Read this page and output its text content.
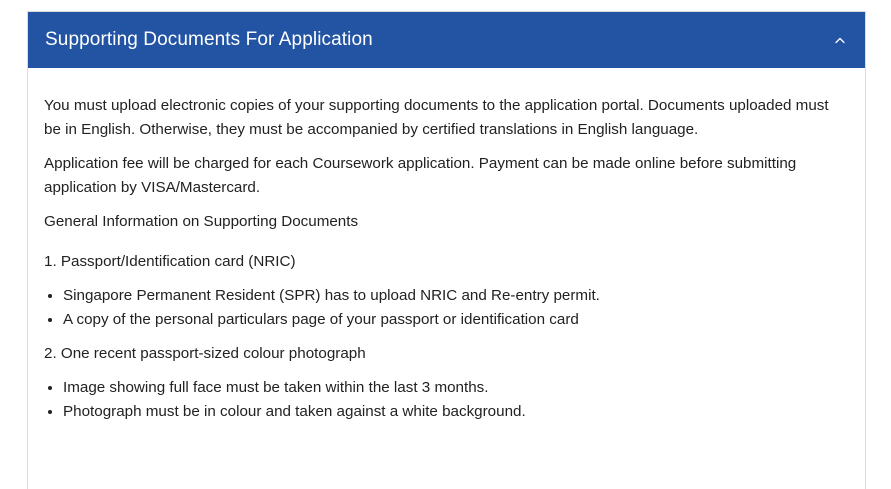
Supporting Documents For Application

You must upload electronic copies of your supporting documents to the application portal. Documents uploaded must be in English. Otherwise, they must be accompanied by certified translations in English language.

Application fee will be charged for each Coursework application. Payment can be made online before submitting application by VISA/Mastercard.

General Information on Supporting Documents

1. Passport/Identification card (NRIC)

• Singapore Permanent Resident (SPR) has to upload NRIC and Re-entry permit.
• A copy of the personal particulars page of your passport or identification card

2. One recent passport-sized colour photograph

• Image showing full face must be taken within the last 3 months.
• Photograph must be in colour and taken against a white background.
